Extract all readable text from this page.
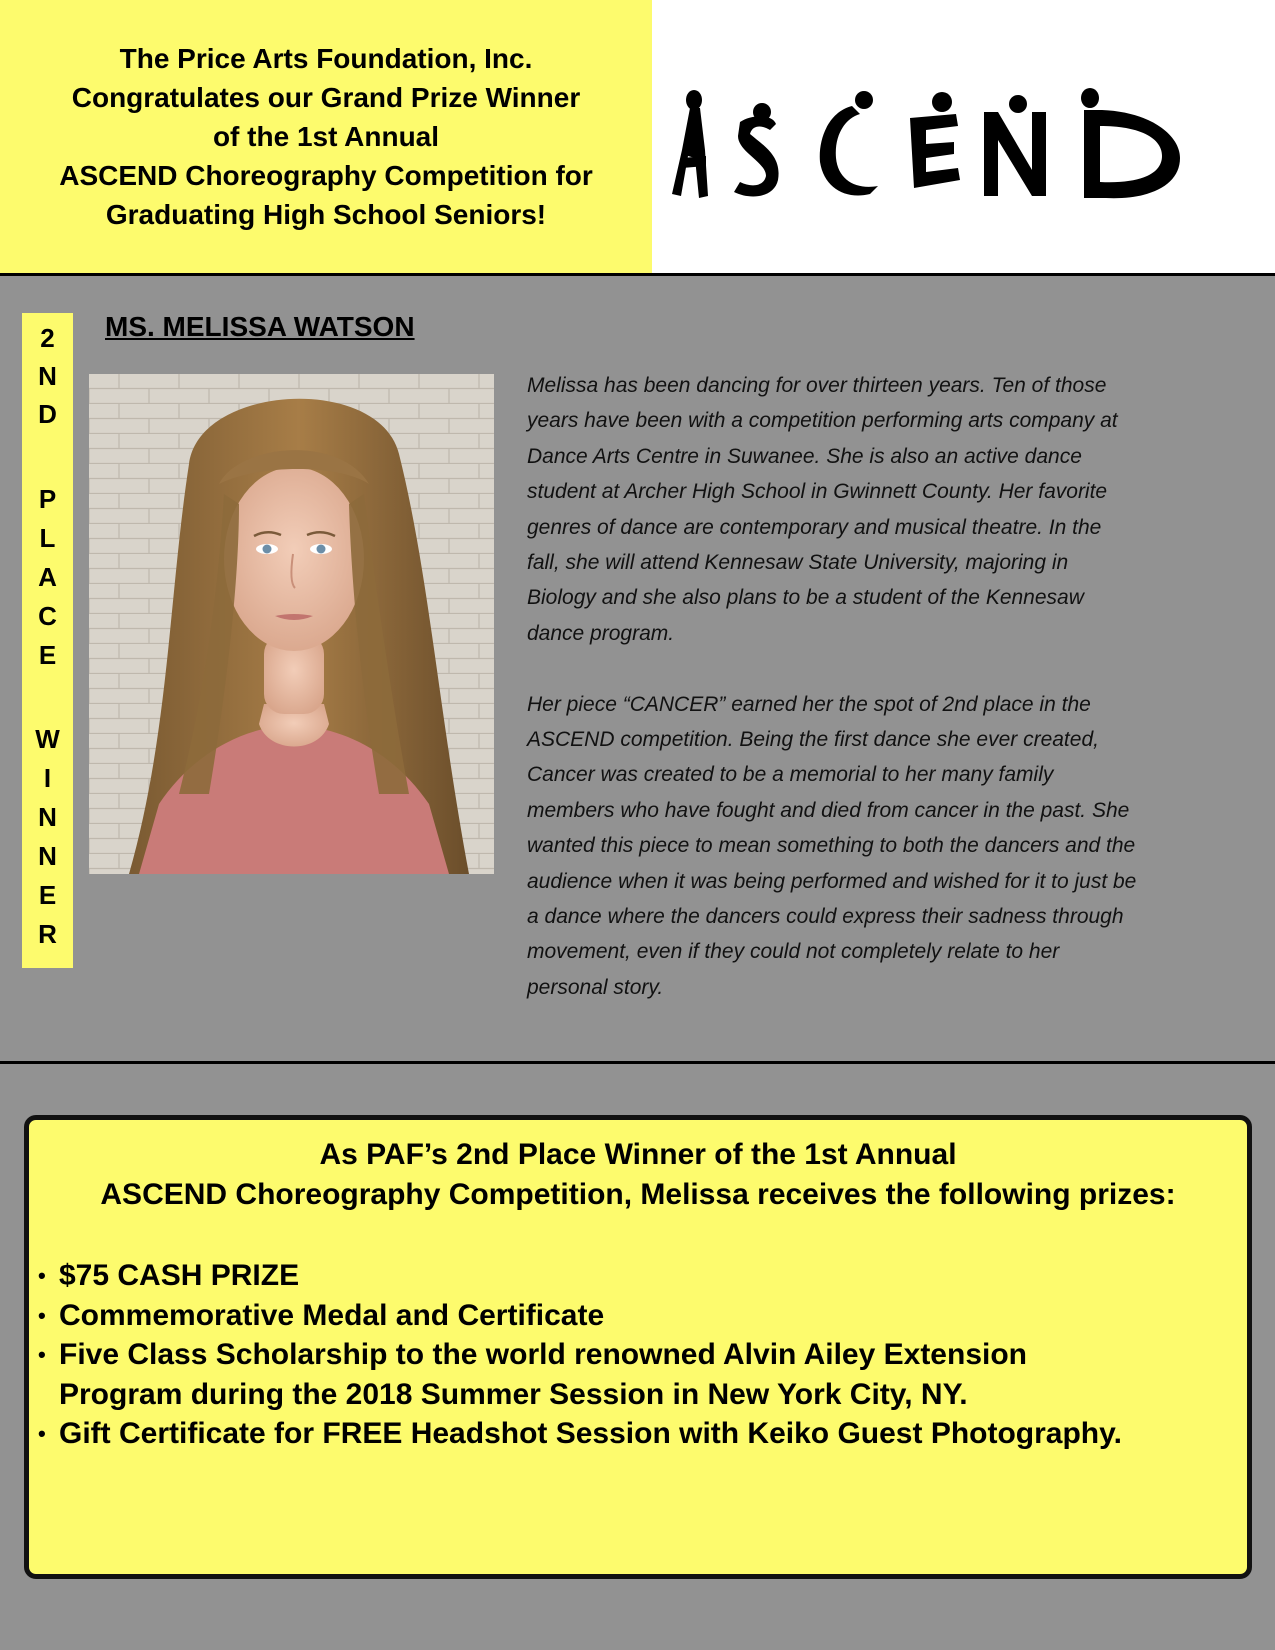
The Price Arts Foundation, Inc.
Congratulates our Grand Prize Winner
of the 1st Annual
ASCEND Choreography Competition for
Graduating High School Seniors!
2
N
D
P
L
A
C
E
W
I
N
N
E
R
MS. MELISSA WATSON

Melissa has been dancing for over thirteen years. Ten of those
years have been with a competition performing arts company at
Dance Arts Centre in Suwanee. She is also an active dance
student at Archer High School in Gwinnett County. Her favorite
genres of dance are contemporary and musical theatre. In the
fall, she will attend Kennesaw State University, majoring in
Biology and she also plans to be a student of the Kennesaw
dance program.

Her piece “CANCER” earned her the spot of 2nd place in the
ASCEND competition. Being the first dance she ever created,
Cancer was created to be a memorial to her many family
members who have fought and died from cancer in the past. She
wanted this piece to mean something to both the dancers and the
audience when it was being performed and wished for it to just be
a dance where the dancers could express their sadness through
movement, even if they could not completely relate to her
personal story.

As PAF’s 2nd Place Winner of the 1st Annual
ASCEND Choreography Competition, Melissa receives the following prizes:
• $75 CASH PRIZE
• Commemorative Medal and Certificate
• Five Class Scholarship to the world renowned Alvin Ailey Extension
Program during the 2018 Summer Session in New York City, NY.
• Gift Certificate for FREE Headshot Session with Keiko Guest Photography.
